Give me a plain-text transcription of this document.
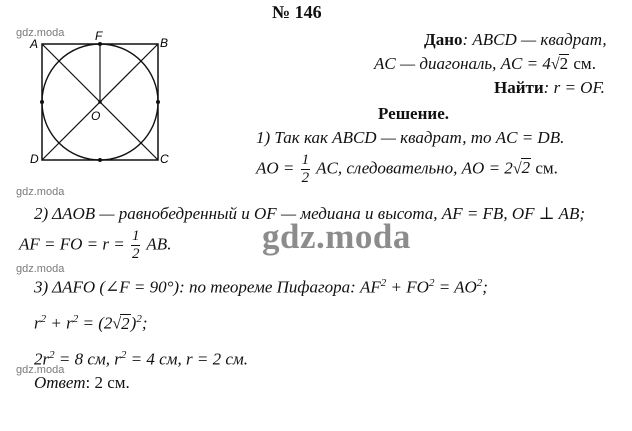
№ 146
gdz.moda
gdz.moda
gdz.moda
gdz.moda
gdz.moda
A	B
C
D
F
O
Дано: ABCD — квадрат,
AC — диагональ, AC = 4√2 см.
Найти: r = OF.
Решение.
1) Так как ABCD — квадрат, то AC = DB.
AO = $\frac{1}{2}$ AC, следовательно, AO = 2√2 см.
2) ΔAOB — равнобедренный и OF — медиана и высота, AF = FB, OF ⊥ AB;
AF = FO = $r = \frac{1}{2}$ AB.
3) ΔAFO (∠F = 90°): по теореме Пифагора: $AF^2 + FO^2 = AO^2$;
$r^2 + r^2 = (2√2)^2$;
$2r^2 = 8$ см, $r^2 = 4$ см, r = 2 см.
Ответ: 2 см.
